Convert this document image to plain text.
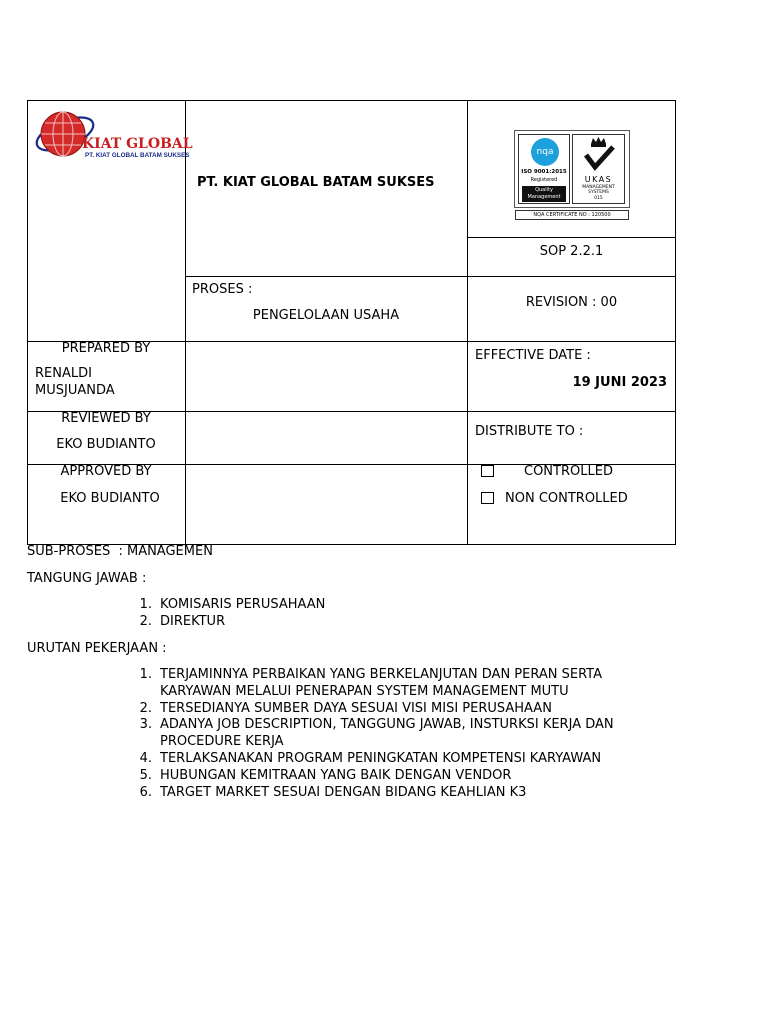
KIAT GLOBAL
PT. KIAT GLOBAL BATAM SUKSES
PT. KIAT GLOBAL BATAM SUKSES
nqa
ISO 9001:2015
Registered
Quality
Management
UKAS
MANAGEMENT
SYSTEMS
015
NQA CERTIFICATE NO : 120500
SOP 2.2.1
PROSES :
PENGELOLAAN USAHA
REVISION : 00
PREPARED BY
RENALDI
MUSJUANDA
EFFECTIVE DATE :
19 JUNI 2023
REVIEWED BY
EKO BUDIANTO
DISTRIBUTE TO :
APPROVED BY
EKO BUDIANTO
CONTROLLED
NON CONTROLLED
SUB-PROSES  : MANAGEMEN
TANGUNG JAWAB :
1. KOMISARIS PERUSAHAAN
2. DIREKTUR
URUTAN PEKERJAAN :
1. TERJAMINNYA PERBAIKAN YANG BERKELANJUTAN DAN PERAN SERTA
KARYAWAN MELALUI PENERAPAN SYSTEM MANAGEMENT MUTU
2. TERSEDIANYA SUMBER DAYA SESUAI VISI MISI PERUSAHAAN
3. ADANYA JOB DESCRIPTION, TANGGUNG JAWAB, INSTURKSI KERJA DAN
PROCEDURE KERJA
4. TERLAKSANAKAN PROGRAM PENINGKATAN KOMPETENSI KARYAWAN
5. HUBUNGAN KEMITRAAN YANG BAIK DENGAN VENDOR
6. TARGET MARKET SESUAI DENGAN BIDANG KEAHLIAN K3
